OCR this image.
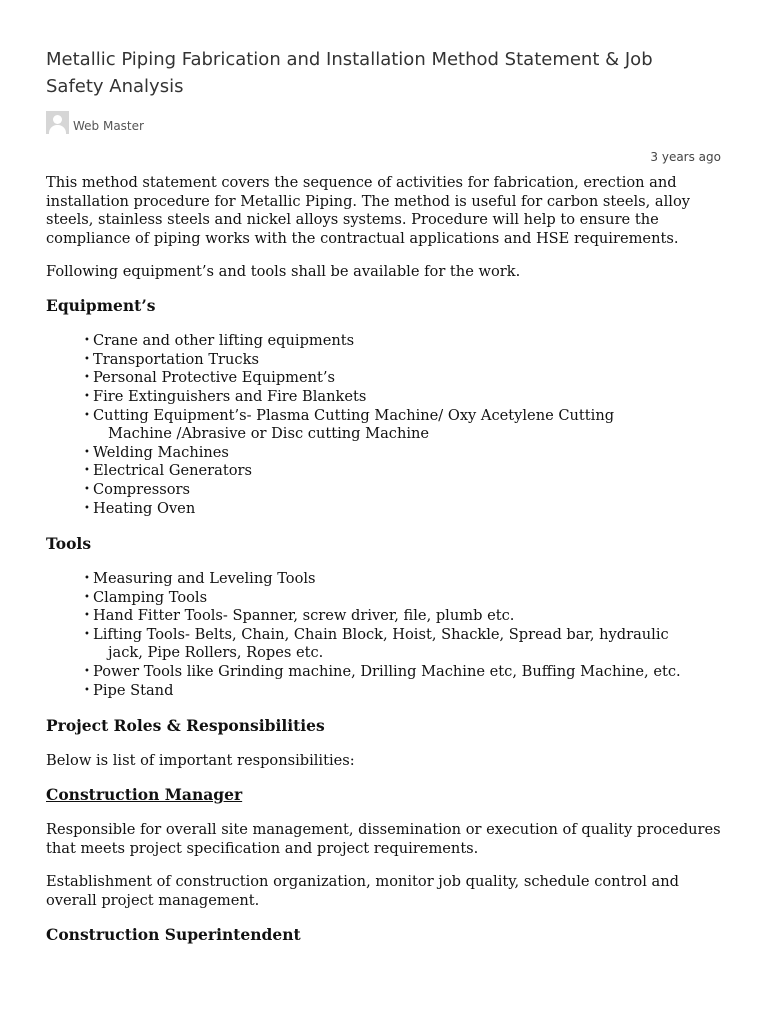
Metallic Piping Fabrication and Installation Method Statement & Job Safety Analysis
Web Master
3 years ago

This method statement covers the sequence of activities for fabrication, erection and installation procedure for Metallic Piping. The method is useful for carbon steels, alloy steels, stainless steels and nickel alloys systems. Procedure will help to ensure the compliance of piping works with the contractual applications and HSE requirements.

Following equipment’s and tools shall be available for the work.

Equipment’s
• Crane and other lifting equipments
• Transportation Trucks
• Personal Protective Equipment’s
• Fire Extinguishers and Fire Blankets
• Cutting Equipment’s- Plasma Cutting Machine/ Oxy Acetylene Cutting
Machine /Abrasive or Disc cutting Machine
• Welding Machines
• Electrical Generators
• Compressors
• Heating Oven
Tools
• Measuring and Leveling Tools
• Clamping Tools
• Hand Fitter Tools- Spanner, screw driver, file, plumb etc.
• Lifting Tools- Belts, Chain, Chain Block, Hoist, Shackle, Spread bar, hydraulic
jack, Pipe Rollers, Ropes etc.
• Power Tools like Grinding machine, Drilling Machine etc, Buffing Machine, etc.
• Pipe Stand
Project Roles & Responsibilities

Below is list of important responsibilities:

Construction Manager

Responsible for overall site management, dissemination or execution of quality procedures that meets project specification and project requirements.

Establishment of construction organization, monitor job quality, schedule control and overall project management.

Construction Superintendent
